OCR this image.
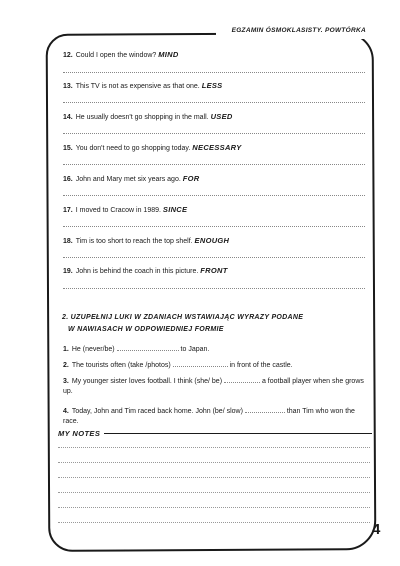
EGZAMIN ÓSMOKLASISTY. POWTÓRKA
12. Could I open the window? MIND
13. This TV is not as expensive as that one. LESS
14. He usually doesn't go shopping in the mall. USED
15. You don't need to go shopping today. NECESSARY
16. John and Mary met six years ago. FOR
17. I moved to Cracow in 1989. SINCE
18. Tim is too short to reach the top shelf. ENOUGH
19. John is behind the coach in this picture. FRONT
2. UZUPEŁNIJ LUKI W ZDANIACH WSTAWIAJĄC WYRAZY PODANE
W NAWIASACH W ODPOWIEDNIEJ FORMIE
1. He (never/be)	to Japan.
2. The tourists often (take /photos)	in front of the castle.
3. My younger sister loves football. I think (she/ be)	a football player when she grows up.
4. Today, John and Tim raced back home. John (be/ slow)	than Tim who won the race.
MY NOTES
4
